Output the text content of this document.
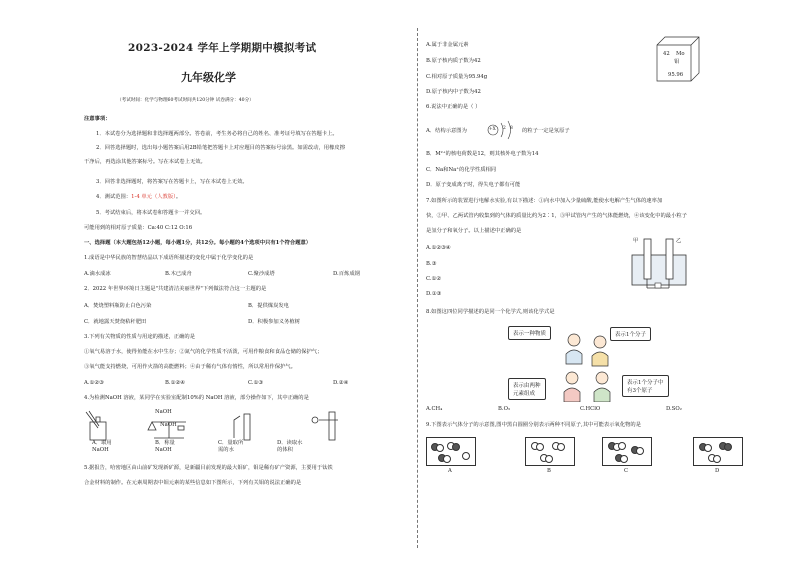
2023-2024 学年上学期期中模拟考试
九年级化学
（考试时间：化学与物理60考试时间共120分钟 试卷满分：40分）
注意事项：
1．本试卷分为选择题和非选择题两部分。答卷前，考生务必将自己的姓名、准考证号填写在答题卡上。
2．回答选择题时，选出每小题答案后用2B铅笔把答题卡上对应题目的答案标号涂黑。如需改动，用橡皮擦
干净后，再选涂其他答案标号。写在本试卷上无效。
3．回答非选择题时，将答案写在答题卡上，写在本试卷上无效。
4．测试范围：1-4 单元（人教版）。
5．考试结束后，将本试卷和答题卡一并交回。
可能用到的相对原子质量：Ca:40 C:12 O:16
一、选择题（本大题包括12小题，每小题1分，共12分。每小题的4个选项中只有1个符合题意）
1.成语是中华民族的智慧结晶以下成语所描述的变化中属于化学变化的是
A.滴水成冰	B.木已成舟	C.聚沙成塔	D.百炼成钢
2．2022 年世界环境日主题是"共建清洁美丽世界"下列做法符合这一主题的是
A．焚烧塑料瓶防止白色污染	B．提供煤炭发电
C．就地露天焚烧秸秆肥田	D．积极参加义务植树
3.下列有关物质的性质与用途的描述，正确的是
①氧气易溶于水，使得鱼能在水中生存；②氮气的化学性质不活泼，可用作粮食和食品仓储的保护气；
③氧气能支持燃烧，可用作火箭的高能燃料；④由于稀有气体有惰性，所以常用作保护气。
A.①②③	B.①②④	C.①③	D.②④
4.为检测NaOH 溶液，某同学在实验室配制10%的 NaOH 溶液，部分操作如下，其中正确的是
NaOH
NaOH
A．取用
NaOH
B．称量
NaOH
C．量取所
需的水
D．读取水
的体积
5.据报告，哈密地区由山前矿发现新矿源，是新疆目前发现的最大钼矿，钼是稀有矿产资源，主要用于钛铁
合金材料的制作。在元素周期表中钼元素的某些信息如下图所示，下列有关钼的说法正确的是
A.属于非金属元素
B.原子核内质子数为42
C.相对原子质量为95.94g
D.原子核内中子数为42
42 Mo
钼
95.96
6.说法中正确的是（ ）
A．结构示意图为	+X 2 8 的粒子一定是氖原子
B．M²⁺的核电荷数是12，则其核外电子数为14
C．Na和Na⁺的化学性质相同
D．原子变成离子时，得失电子都有可能
7.如图所示的装置进行电解水实验,有以下描述：①向水中加入少量硫酸,能使水电解产生气体的速率加
快，②甲、乙两试管内收集到的气体的质量比约为2∶1，③甲试管内产生的气体能燃烧，④该变化中的最小粒子
是氢分子和氧分子。以上描述中正确的是
A.①②③④
B.③
C.①②
D.①③
甲	乙
8.如图这四位同学描述的是同一个化学式,则该化学式是
表示一种物质	表示1个分子
表示由两种
元素组成
表示1个分子中
有3个原子
A.CH₄	B.O₃	C.HClO	D.SO₂
9.下图表示气体分子的示意图,图中黑白圆圈分别表示两种不同原子,其中可能表示氧化物的是
A	B	C	D
